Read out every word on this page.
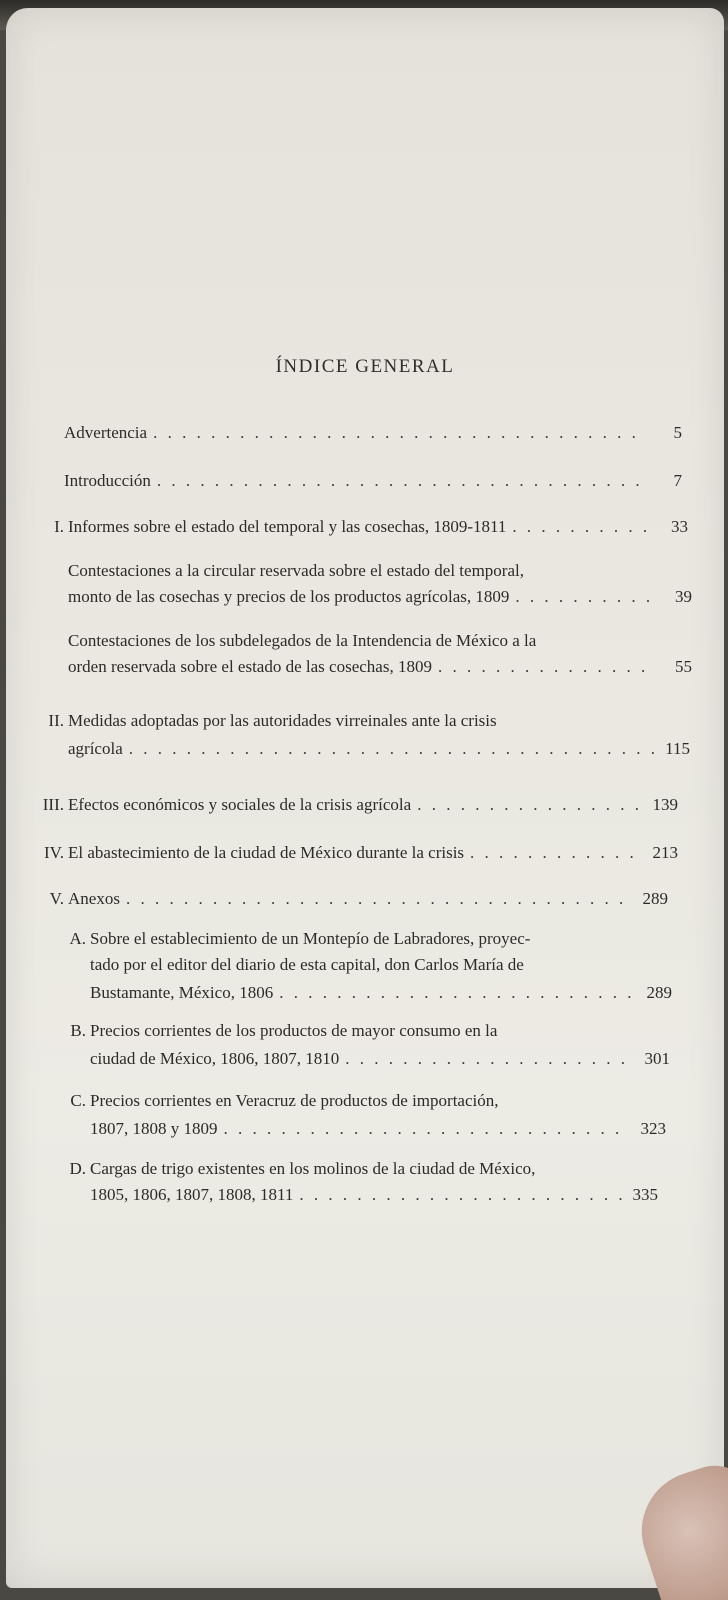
ÍNDICE GENERAL
Advertencia . . .	5
Introducción . . .	7
I. Informes sobre el estado del temporal y las cosechas, 1809-1811 . . .	33
Contestaciones a la circular reservada sobre el estado del temporal,
monto de las cosechas y precios de los productos agrícolas, 1809 . . .	39
Contestaciones de los subdelegados de la Intendencia de México a la
orden reservada sobre el estado de las cosechas, 1809 . . .	55
II. Medidas adoptadas por las autoridades virreinales ante la crisis
agrícola . . .	115
III. Efectos económicos y sociales de la crisis agrícola . . .	139
IV. El abastecimiento de la ciudad de México durante la crisis . . .	213
V. Anexos . . .	289
A. Sobre el establecimiento de un Montepío de Labradores, proyec-
tado por el editor del diario de esta capital, don Carlos María de
Bustamante, México, 1806 . . .	289
B. Precios corrientes de los productos de mayor consumo en la
ciudad de México, 1806, 1807, 1810 . . .	301
C. Precios corrientes en Veracruz de productos de importación,
1807, 1808 y 1809 . . .	323
D. Cargas de trigo existentes en los molinos de la ciudad de México,
1805, 1806, 1807, 1808, 1811 . . .	335
